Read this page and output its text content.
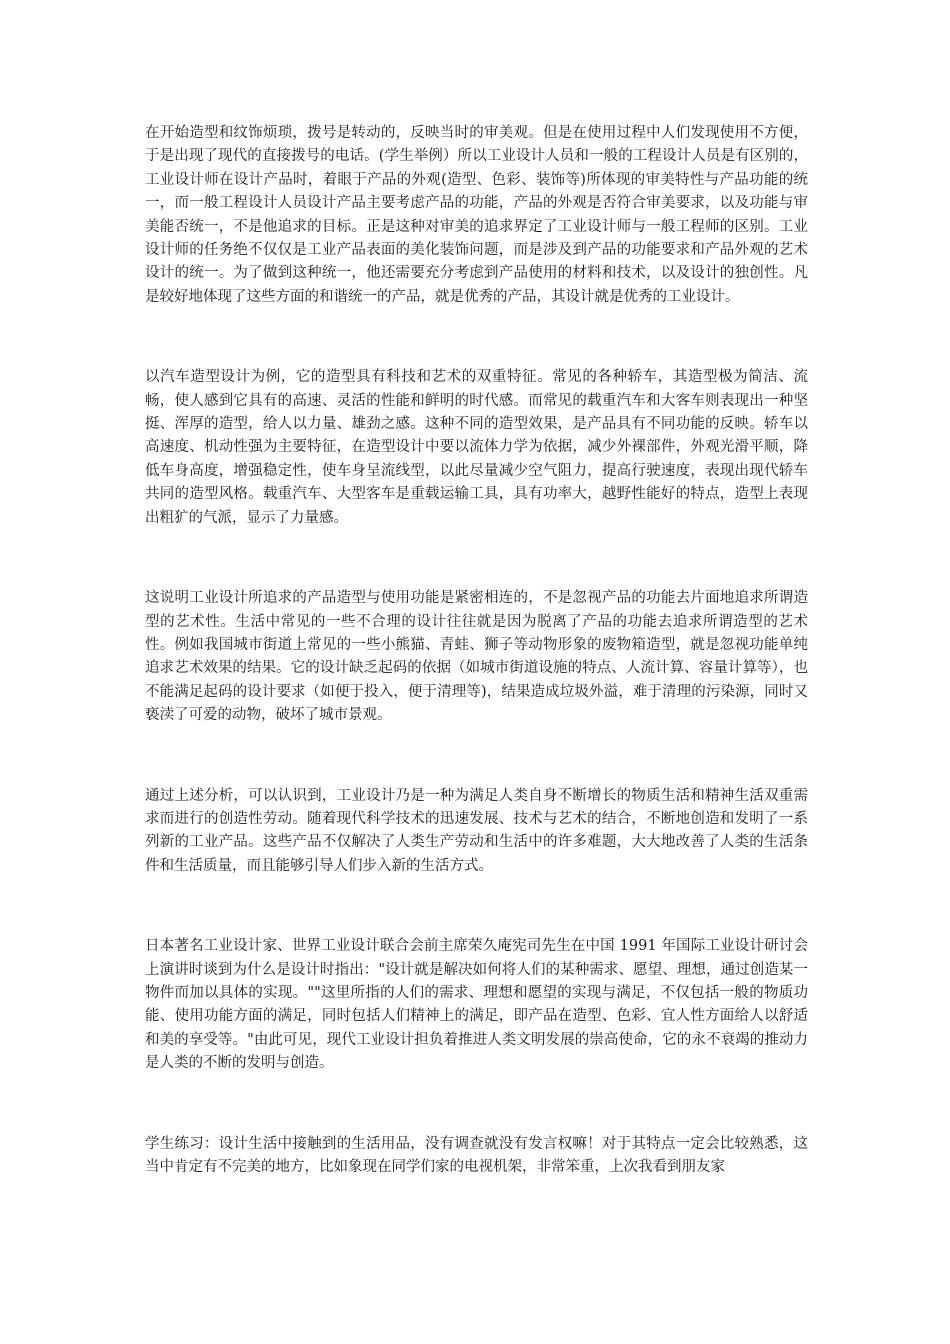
在开始造型和纹饰烦琐，拨号是转动的，反映当时的审美观。但是在使用过程中人们发现使用不方便，于是出现了现代的直接拨号的电话。(学生举例）所以工业设计人员和一般的工程设计人员是有区别的，工业设计师在设计产品时，着眼于产品的外观(造型、色彩、装饰等)所体现的审美特性与产品功能的统一，而一般工程设计人员设计产品主要考虑产品的功能，产品的外观是否符合审美要求，以及功能与审美能否统一，不是他追求的目标。正是这种对审美的追求界定了工业设计师与一般工程师的区别。工业设计师的任务绝不仅仅是工业产品表面的美化装饰问题，而是涉及到产品的功能要求和产品外观的艺术设计的统一。为了做到这种统一，他还需要充分考虑到产品使用的材料和技术，以及设计的独创性。凡是较好地体现了这些方面的和谐统一的产品，就是优秀的产品，其设计就是优秀的工业设计。

以汽车造型设计为例，它的造型具有科技和艺术的双重特征。常见的各种轿车，其造型极为简洁、流畅，使人感到它具有的高速、灵活的性能和鲜明的时代感。而常见的载重汽车和大客车则表现出一种坚挺、浑厚的造型，给人以力量、雄劲之感。这种不同的造型效果，是产品具有不同功能的反映。轿车以高速度、机动性强为主要特征，在造型设计中要以流体力学为依据，减少外裸部件，外观光滑平顺，降低车身高度，增强稳定性，使车身呈流线型，以此尽量减少空气阻力，提高行驶速度，表现出现代轿车共同的造型风格。载重汽车、大型客车是重载运输工具，具有功率大，越野性能好的特点，造型上表现出粗犷的气派，显示了力量感。

这说明工业设计所追求的产品造型与使用功能是紧密相连的，不是忽视产品的功能去片面地追求所谓造型的艺术性。生活中常见的一些不合理的设计往往就是因为脱离了产品的功能去追求所谓造型的艺术性。例如我国城市街道上常见的一些小熊猫、青蛙、狮子等动物形象的废物箱造型，就是忽视功能单纯追求艺术效果的结果。它的设计缺乏起码的依据（如城市街道设施的特点、人流计算、容量计算等），也不能满足起码的设计要求（如便于投入，便于清理等)，结果造成垃圾外溢，难于清理的污染源，同时又亵渎了可爱的动物，破坏了城市景观。

通过上述分析，可以认识到，工业设计乃是一种为满足人类自身不断增长的物质生活和精神生活双重需求而进行的创造性劳动。随着现代科学技术的迅速发展、技术与艺术的结合，不断地创造和发明了一系列新的工业产品。这些产品不仅解决了人类生产劳动和生活中的许多难题，大大地改善了人类的生活条件和生活质量，而且能够引导人们步入新的生活方式。

日本著名工业设计家、世界工业设计联合会前主席荣久庵宪司先生在中国 1991 年国际工业设计研讨会上演讲时谈到为什么是设计时指出："设计就是解决如何将人们的某种需求、愿望、理想，通过创造某一物件而加以具体的实现。""这里所指的人们的需求、理想和愿望的实现与满足，不仅包括一般的物质功能、使用功能方面的满足，同时包括人们精神上的满足，即产品在造型、色彩、宜人性方面给人以舒适和美的享受等。"由此可见，现代工业设计担负着推进人类文明发展的崇高使命，它的永不衰竭的推动力是人类的不断的发明与创造。

学生练习：设计生活中接触到的生活用品，没有调查就没有发言权嘛！对于其特点一定会比较熟悉，这当中肯定有不完美的地方，比如象现在同学们家的电视机架，非常笨重，上次我看到朋友家
